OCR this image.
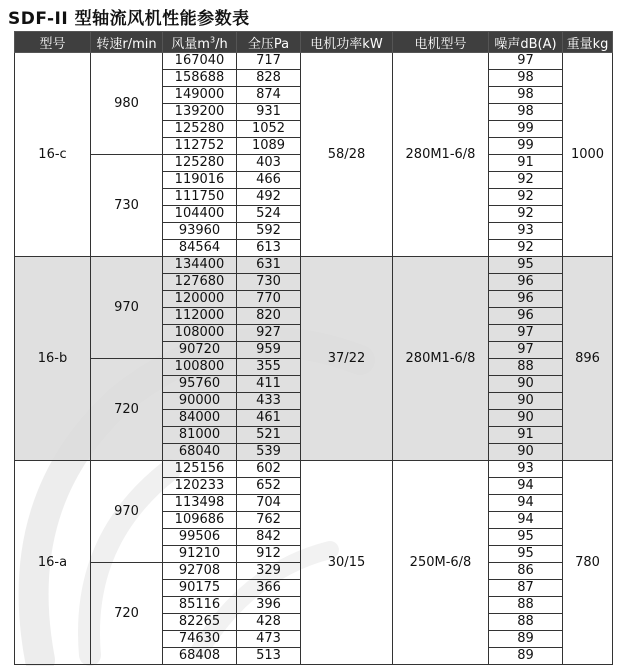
SDF-II 型轴流风机性能参数表
型号	转速r/min	风量$m^3/h$	全压Pa	电机功率kW	电机型号	噪声dB(A)	重量kg
16-c	980	167040	717	58/28	280M1-6/8	97	1000
		158688	828			98	
		149000	874			98	
		139200	931			98	
		125280	1052			99	
		112752	1089			99	
	730	125280	403			91	
		119016	466			92	
		111750	492			92	
		104400	524			92	
		93960	592			93	
		84564	613			92	
16-b	970	134400	631	37/22	280M1-6/8	95	896
		127680	730			96	
		120000	770			96	
		112000	820			96	
		108000	927			97	
		90720	959			97	
	720	100800	355			88	
		95760	411			90	
		90000	433			90	
		84000	461			90	
		81000	521			91	
		68040	539			90	
16-a	970	125156	602	30/15	250M-6/8	93	780
		120233	652			94	
		113498	704			94	
		109686	762			94	
		99506	842			95	
		91210	912			95	
	720	92708	329			86	
		90175	366			87	
		85116	396			88	
		82265	428			88	
		74630	473			89	
		68408	513			89	
